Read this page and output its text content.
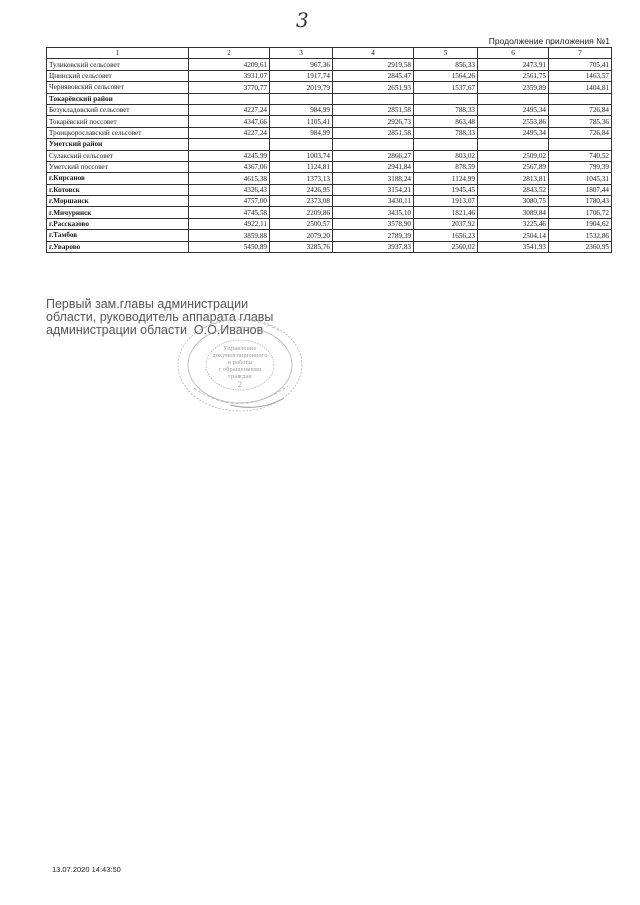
3
Продолжение приложения №1
1	2	3	4	5	6	7
Туликовский сельсовет	4209,61	967,36	2919,58	856,33	2473,91	705,41
Цнинский сельсовет	3931,07	1917,74	2845,47	1564,26	2561,75	1463,57
Чернявовский сельсовет	3770,77	2019,79	2651,93	1537,67	2359,89	1404,81
Токарёвский район						
Безукладовский сельсовет	4227,24	984,99	2851,58	788,33	2495,34	726,84
Токарёвский поссовет	4347,66	1105,41	2926,73	863,48	2553,86	785,36
Троицкорославский сельсовет	4227,24	984,99	2851,58	788,33	2495,34	726,84
Уметский район						
Сулакский сельсовет	4245,99	1003,74	2866,27	803,02	2509,02	740,52
Уметский поссовет	4367,06	1124,81	2941,84	878,59	2567,89	799,39
г.Кирсанов	4615,38	1373,13	3188,24	1124,99	2813,81	1045,31
г.Котовск	4326,43	2426,95	3154,21	1945,45	2843,52	1807,44
г.Моршанск	4757,00	2373,08	3430,11	1913,07	3080,75	1780,43
г.Мичуринск	4745,58	2209,86	3435,10	1821,46	3089,84	1706,72
г.Рассказово	4922,11	2500,57	3578,90	2037,92	3225,46	1904,62
г.Тамбов	3859,88	2079,20	2789,39	1656,23	2504,14	1532,86
г.Уварово	5450,89	3285,76	3937,83	2560,02	3541,93	2360,95
Первый зам.главы администрации
области, руководитель аппарата главы
администрации области О.О.Иванов
Управление
документационного
и работы
с обращениями
граждан
2
13.07.2020 14:43:50
